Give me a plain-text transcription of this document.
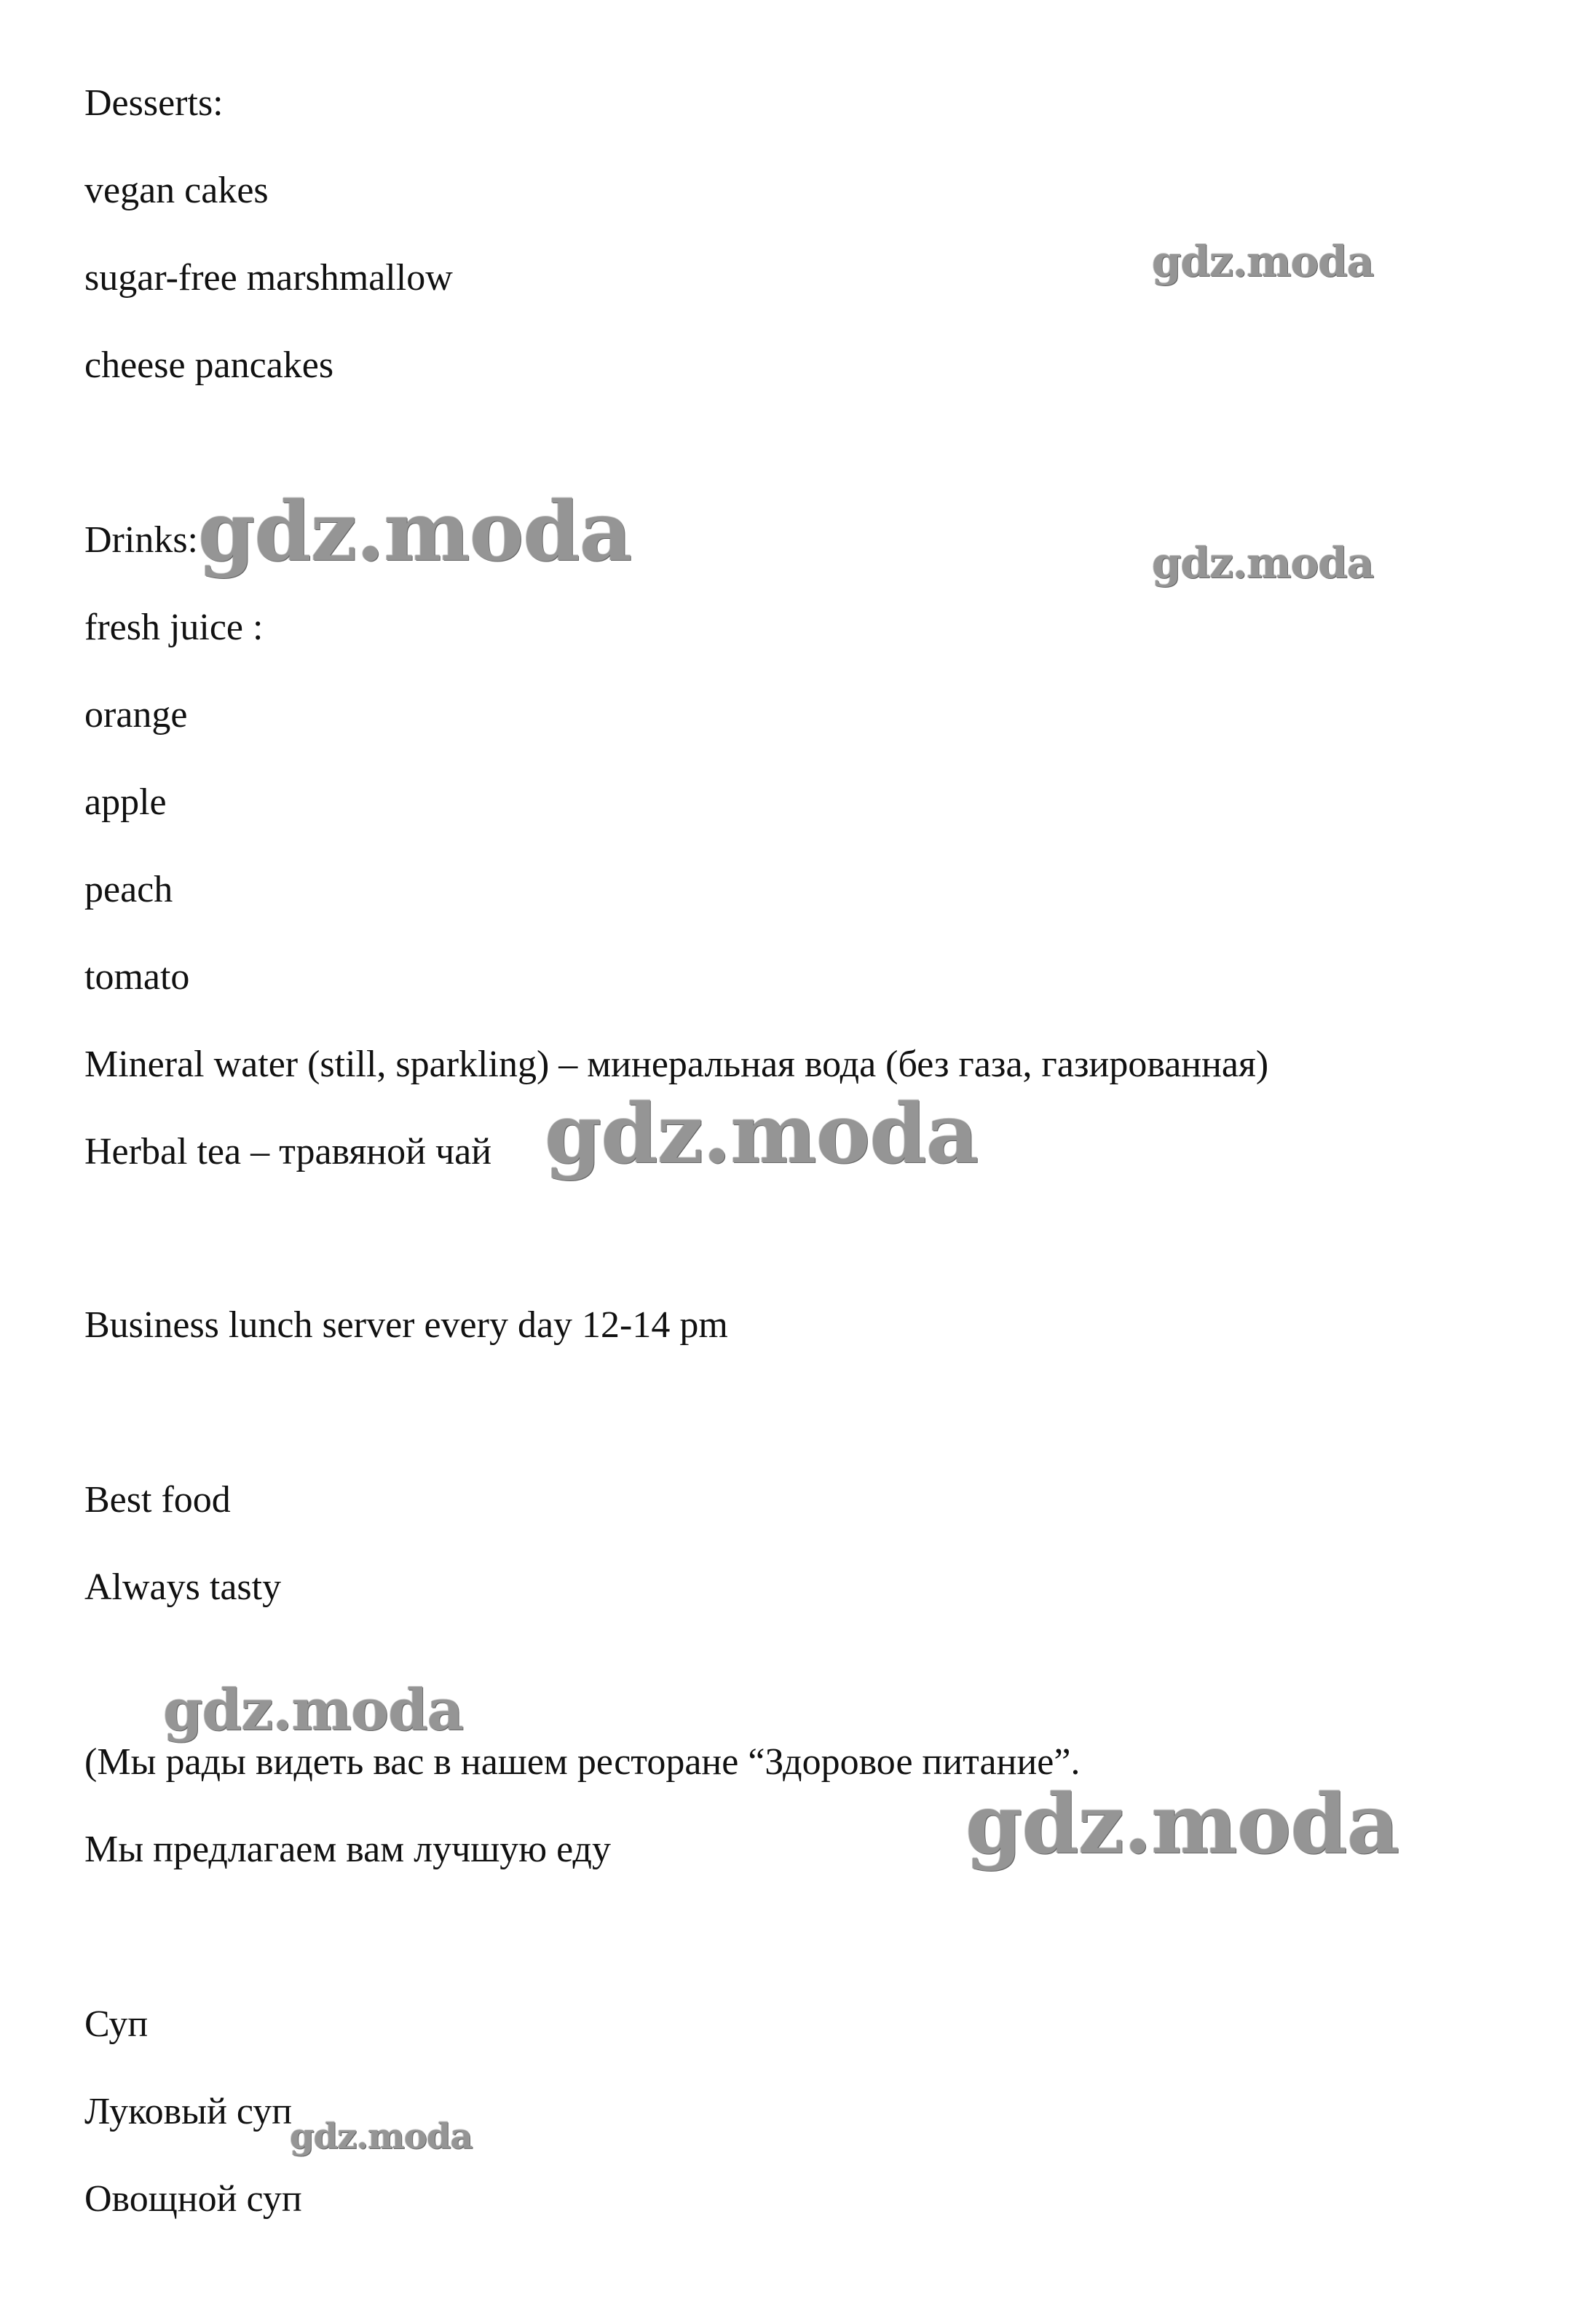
Desserts:
vegan cakes
sugar-free marshmallow
cheese pancakes
Drinks:
fresh juice :
orange
apple
peach
tomato
Mineral water (still, sparkling) – минеральная вода (без газа, газированная)
Herbal tea – травяной чай
Business lunch server every day 12-14 pm
Best food
Always tasty
(Мы рады видеть вас в нашем ресторане “Здоровое питание”.
Мы предлагаем вам лучшую еду
Суп
Луковый суп
Овощной суп
gdz.moda
gdz.moda	gdz.moda
gdz.moda
gdz.moda
gdz.moda
gdz.moda
